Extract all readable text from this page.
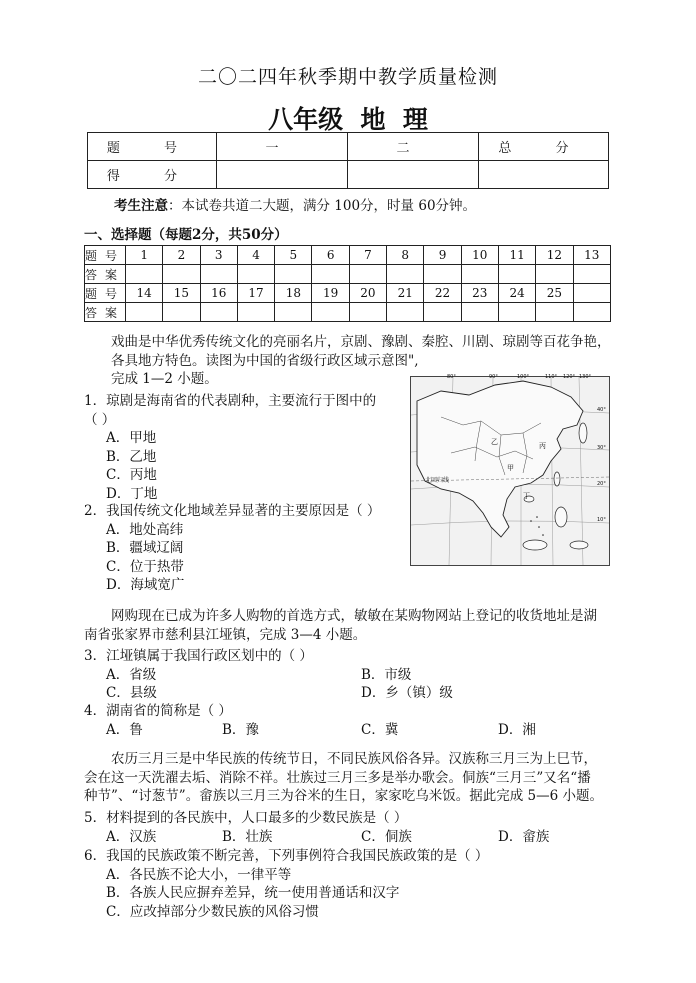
二〇二四年秋季期中教学质量检测
八年级  地  理
题 号	一	二	总 分
得 分			
考生注意：本试卷共道二大题，满分 100分，时量 60分钟。
一、选择题（每题2分，共50分）
题号	1	2	3	4	5	6	7	8	9	10	11	12	13
答案													
题号	14	15	16	17	18	19	20	21	22	23	24	25	
答案													

戏曲是中华优秀传统文化的亮丽名片，京剧、豫剧、秦腔、川剧、琼剧等百花争艳，

各具地方特色。读图为中国的省级行政区域示意图",

完成 1—2 小题。	80°	90°	100°	110° 120° 130°
40°
30°
20°
10°
北回归线
乙
甲
丙
丁

1．琼剧是海南省的代表剧种，主要流行于图中的

（ ）

A．甲地

B．乙地

C．丙地

D．丁地

2．我国传统文化地域差异显著的主要原因是（ ）

A．地处高纬

B．疆域辽阔

C．位于热带

D．海域宽广

网购现在已成为许多人购物的首选方式，敏敏在某购物网站上登记的收货地址是湖

南省张家界市慈利县江垭镇，完成 3—4 小题。

3．江垭镇属于我国行政区划中的（ ）

A．省级	B．市级
C．县级	D．乡（镇）级

4．湖南省的简称是（ ）

A．鲁	B．豫	C．冀	D．湘

农历三月三是中华民族的传统节日，不同民族风俗各异。汉族称三月三为上巳节，

会在这一天洗濯去垢、消除不祥。壮族过三月三多是举办歌会。侗族“三月三”又名“播

种节”、“讨葱节”。畲族以三月三为谷米的生日，家家吃乌米饭。据此完成 5—6 小题。

5．材料提到的各民族中，人口最多的少数民族是（ ）

A．汉族	B．壮族	C．侗族	D．畲族

6．我国的民族政策不断完善，下列事例符合我国民族政策的是（ ）

A．各民族不论大小，一律平等

B．各族人民应摒弃差异，统一使用普通话和汉字

C．应改掉部分少数民族的风俗习惯
